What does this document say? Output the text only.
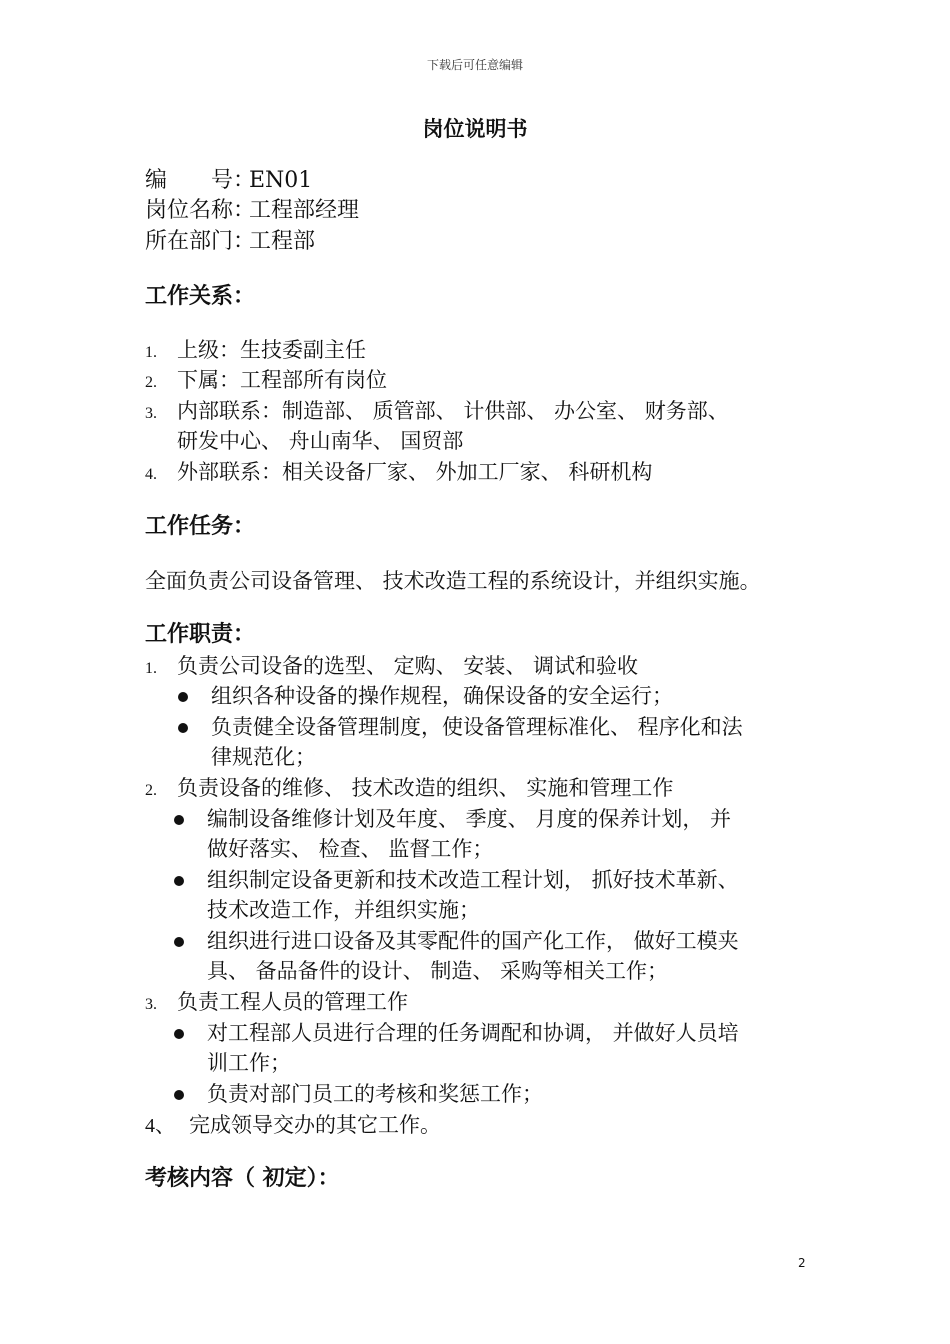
下载后可任意编辑
岗位说明书
编　　号：EN01
岗位名称：工程部经理
所在部门：工程部
工作关系：
1. 上级：生技委副主任
2. 下属：工程部所有岗位
3. 内部联系：制造部、 质管部、 计供部、 办公室、 财务部、
研发中心、 舟山南华、 国贸部
4. 外部联系：相关设备厂家、 外加工厂家、 科研机构
工作任务：
全面负责公司设备管理、 技术改造工程的系统设计，并组织实施。
工作职责：
1. 负责公司设备的选型、 定购、 安装、 调试和验收
组织各种设备的操作规程，确保设备的安全运行；
负责健全设备管理制度，使设备管理标准化、 程序化和法
律规范化；
2. 负责设备的维修、 技术改造的组织、 实施和管理工作
编制设备维修计划及年度、 季度、 月度的保养计划， 并
做好落实、 检查、 监督工作；
组织制定设备更新和技术改造工程计划， 抓好技术革新、
技术改造工作，并组织实施；
组织进行进口设备及其零配件的国产化工作， 做好工模夹
具、 备品备件的设计、 制造、 采购等相关工作；
3. 负责工程人员的管理工作
对工程部人员进行合理的任务调配和协调， 并做好人员培
训工作；
负责对部门员工的考核和奖惩工作；
4、 完成领导交办的其它工作。
考核内容（ 初定）：
2
